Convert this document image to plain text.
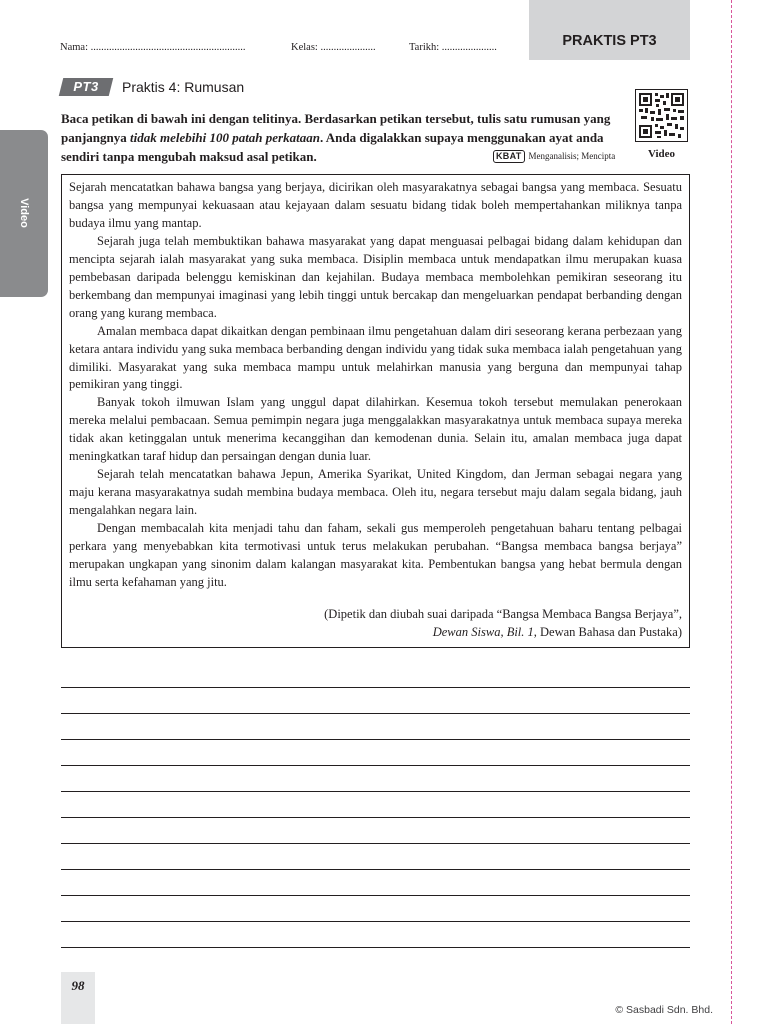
Nama: ...........................................................	Kelas: .....................	Tarikh: .....................	PRAKTIS PT3
Video
PT3	Praktis 4: Rumusan
Baca petikan di bawah ini dengan telitinya. Berdasarkan petikan tersebut, tulis satu rumusan yang panjangnya tidak melebihi 100 patah perkataan. Anda digalakkan supaya menggunakan ayat anda sendiri tanpa mengubah maksud asal petikan.	KBAT Menganalisis; Mencipta	Video

Sejarah mencatatkan bahawa bangsa yang berjaya, dicirikan oleh masyarakatnya sebagai bangsa yang membaca. Sesuatu bangsa yang mempunyai kekuasaan atau kejayaan dalam sesuatu bidang tidak boleh mempertahankan miliknya tanpa budaya ilmu yang mantap.

Sejarah juga telah membuktikan bahawa masyarakat yang dapat menguasai pelbagai bidang dalam kehidupan dan mencipta sejarah ialah masyarakat yang suka membaca. Disiplin membaca untuk mendapatkan ilmu merupakan kuasa pembebasan daripada belenggu kemiskinan dan kejahilan. Budaya membaca membolehkan pemikiran seseorang itu berkembang dan mempunyai imaginasi yang lebih tinggi untuk bercakap dan mengeluarkan pendapat berbanding dengan orang yang kurang membaca.

Amalan membaca dapat dikaitkan dengan pembinaan ilmu pengetahuan dalam diri seseorang kerana perbezaan yang ketara antara individu yang suka membaca berbanding dengan individu yang tidak suka membaca ialah pengetahuan yang dimiliki. Masyarakat yang suka membaca mampu untuk melahirkan manusia yang berguna dan mempunyai tahap pemikiran yang tinggi.

Banyak tokoh ilmuwan Islam yang unggul dapat dilahirkan. Kesemua tokoh tersebut memulakan penerokaan mereka melalui pembacaan. Semua pemimpin negara juga menggalakkan masyarakatnya untuk membaca supaya mereka tidak akan ketinggalan untuk menerima kecanggihan dan kemodenan dunia. Selain itu, amalan membaca juga dapat meningkatkan taraf hidup dan persaingan dengan dunia luar.

Sejarah telah mencatatkan bahawa Jepun, Amerika Syarikat, United Kingdom, dan Jerman sebagai negara yang maju kerana masyarakatnya sudah membina budaya membaca. Oleh itu, negara tersebut maju dalam segala bidang, jauh mengalahkan negara lain.

Dengan membacalah kita menjadi tahu dan faham, sekali gus memperoleh pengetahuan baharu tentang pelbagai perkara yang menyebabkan kita termotivasi untuk terus melakukan perubahan. “Bangsa membaca bangsa berjaya” merupakan ungkapan yang sinonim dalam kalangan masyarakat kita. Pembentukan bangsa yang hebat bermula dengan ilmu serta kefahaman yang jitu.

(Dipetik dan diubah suai daripada “Bangsa Membaca Bangsa Berjaya”,
Dewan Siswa, Bil. 1, Dewan Bahasa dan Pustaka)
98
© Sasbadi Sdn. Bhd.
